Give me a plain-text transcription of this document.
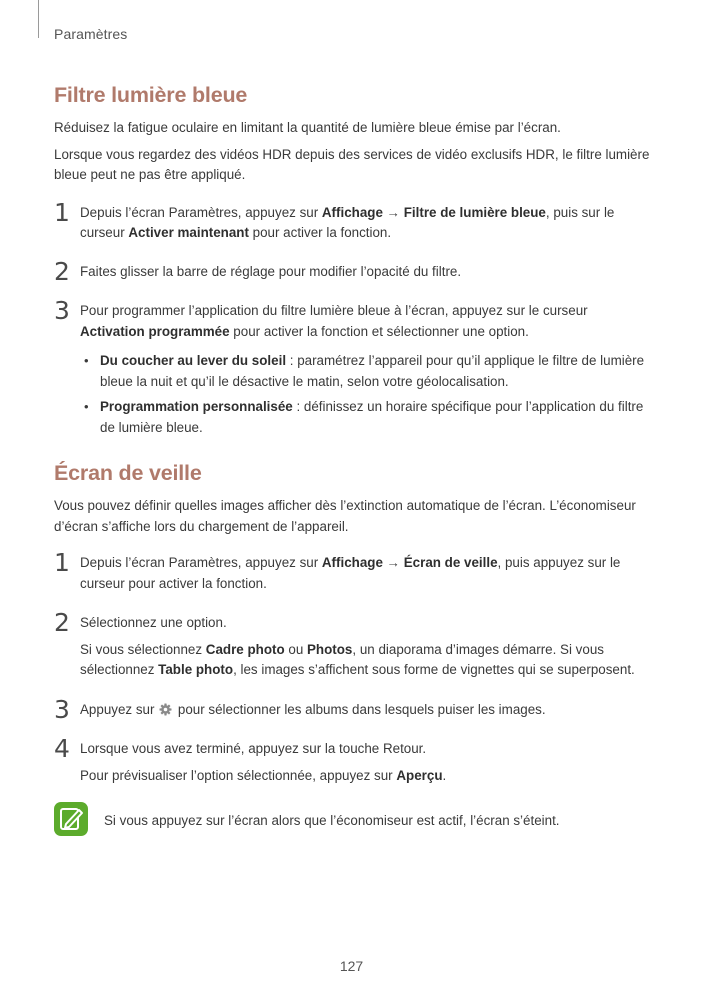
Paramètres
Filtre lumière bleue

Réduisez la fatigue oculaire en limitant la quantité de lumière bleue émise par l’écran.

Lorsque vous regardez des vidéos HDR depuis des services de vidéo exclusifs HDR, le filtre lumière bleue peut ne pas être appliqué.

1 Depuis l’écran Paramètres, appuyez sur Affichage → Filtre de lumière bleue, puis sur le curseur Activer maintenant pour activer la fonction.

2 Faites glisser la barre de réglage pour modifier l’opacité du filtre.

3 Pour programmer l’application du filtre lumière bleue à l’écran, appuyez sur le curseur Activation programmée pour activer la fonction et sélectionner une option.

• Du coucher au lever du soleil : paramétrez l’appareil pour qu’il applique le filtre de lumière bleue la nuit et qu’il le désactive le matin, selon votre géolocalisation.
• Programmation personnalisée : définissez un horaire spécifique pour l’application du filtre de lumière bleue.
Écran de veille

Vous pouvez définir quelles images afficher dès l’extinction automatique de l’écran. L’économiseur d’écran s’affiche lors du chargement de l’appareil.

1 Depuis l’écran Paramètres, appuyez sur Affichage → Écran de veille, puis appuyez sur le curseur pour activer la fonction.

2 Sélectionnez une option.

Si vous sélectionnez Cadre photo ou Photos, un diaporama d’images démarre. Si vous sélectionnez Table photo, les images s’affichent sous forme de vignettes qui se superposent.

3 Appuyez sur  pour sélectionner les albums dans lesquels puiser les images.

4 Lorsque vous avez terminé, appuyez sur la touche Retour.

Pour prévisualiser l’option sélectionnée, appuyez sur Aperçu.

Si vous appuyez sur l’écran alors que l’économiseur est actif, l’écran s’éteint.

127
